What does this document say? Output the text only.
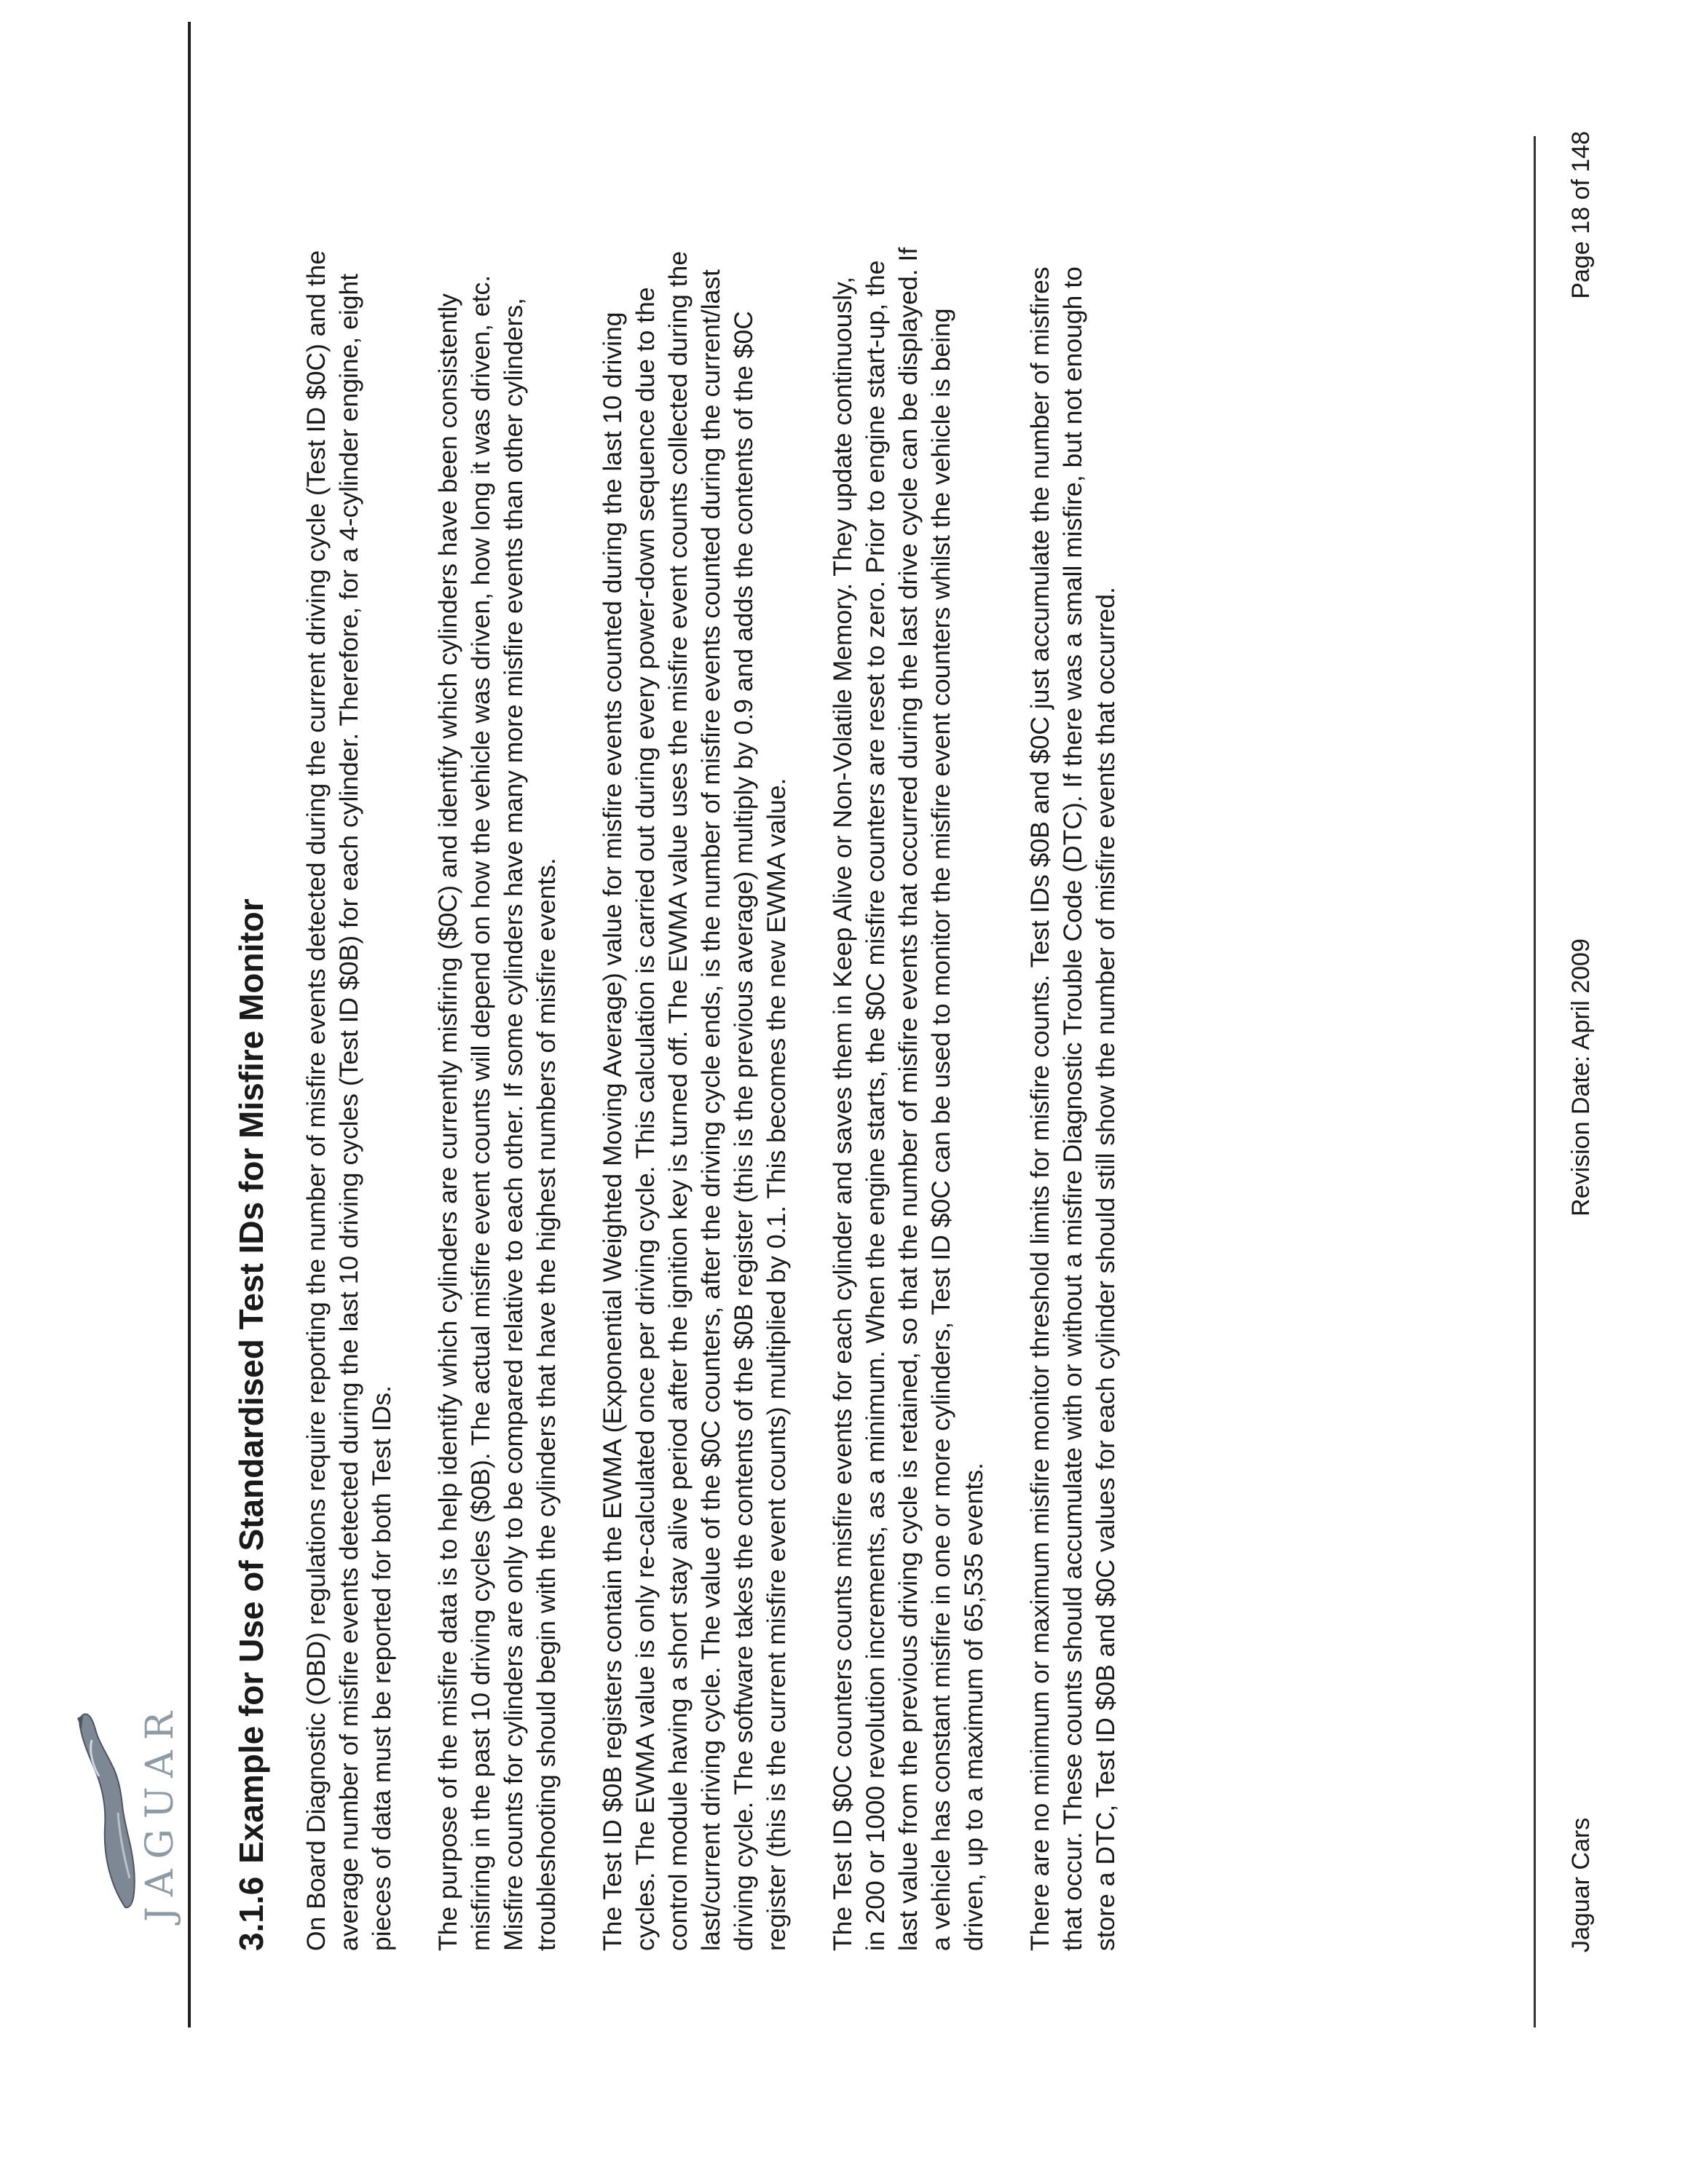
JAGUAR 3.1.6Example for Use of Standardised Test IDs for Misfire Monitor

On Board Diagnostic (OBD) regulations require reporting the number of misfire events detected during the current driving cycle (Test ID $0C) and the
average number of misfire events detected during the last 10 driving cycles (Test ID $0B) for each cylinder. Therefore, for a 4-cylinder engine, eight
pieces of data must be reported for both Test IDs.

The purpose of the misfire data is to help identify which cylinders are currently misfiring ($0C) and identify which cylinders have been consistently
misfiring in the past 10 driving cycles ($0B). The actual misfire event counts will depend on how the vehicle was driven, how long it was driven, etc.
Misfire counts for cylinders are only to be compared relative to each other. If some cylinders have many more misfire events than other cylinders,
troubleshooting should begin with the cylinders that have the highest numbers of misfire events.

The Test ID $0B registers contain the EWMA (Exponential Weighted Moving Average) value for misfire events counted during the last 10 driving
cycles. The EWMA value is only re-calculated once per driving cycle. This calculation is carried out during every power-down sequence due to the
control module having a short stay alive period after the ignition key is turned off. The EWMA value uses the misfire event counts collected during the
last/current driving cycle. The value of the $0C counters, after the driving cycle ends, is the number of misfire events counted during the current/last
driving cycle. The software takes the contents of the $0B register (this is the previous average) multiply by 0.9 and adds the contents of the $0C
register (this is the current misfire event counts) multiplied by 0.1. This becomes the new EWMA value.

The Test ID $0C counters counts misfire events for each cylinder and saves them in Keep Alive or Non-Volatile Memory. They update continuously,
in 200 or 1000 revolution increments, as a minimum. When the engine starts, the $0C misfire counters are reset to zero. Prior to engine start-up, the
last value from the previous driving cycle is retained, so that the number of misfire events that occurred during the last drive cycle can be displayed. If
a vehicle has constant misfire in one or more cylinders, Test ID $0C can be used to monitor the misfire event counters whilst the vehicle is being
driven, up to a maximum of 65,535 events.

There are no minimum or maximum misfire monitor threshold limits for misfire counts. Test IDs $0B and $0C just accumulate the number of misfires
that occur. These counts should accumulate with or without a misfire Diagnostic Trouble Code (DTC). If there was a small misfire, but not enough to
store a DTC, Test ID $0B and $0C values for each cylinder should still show the number of misfire events that occurred.

Jaguar Cars
Revision Date: April 2009
Page 18 of 148
